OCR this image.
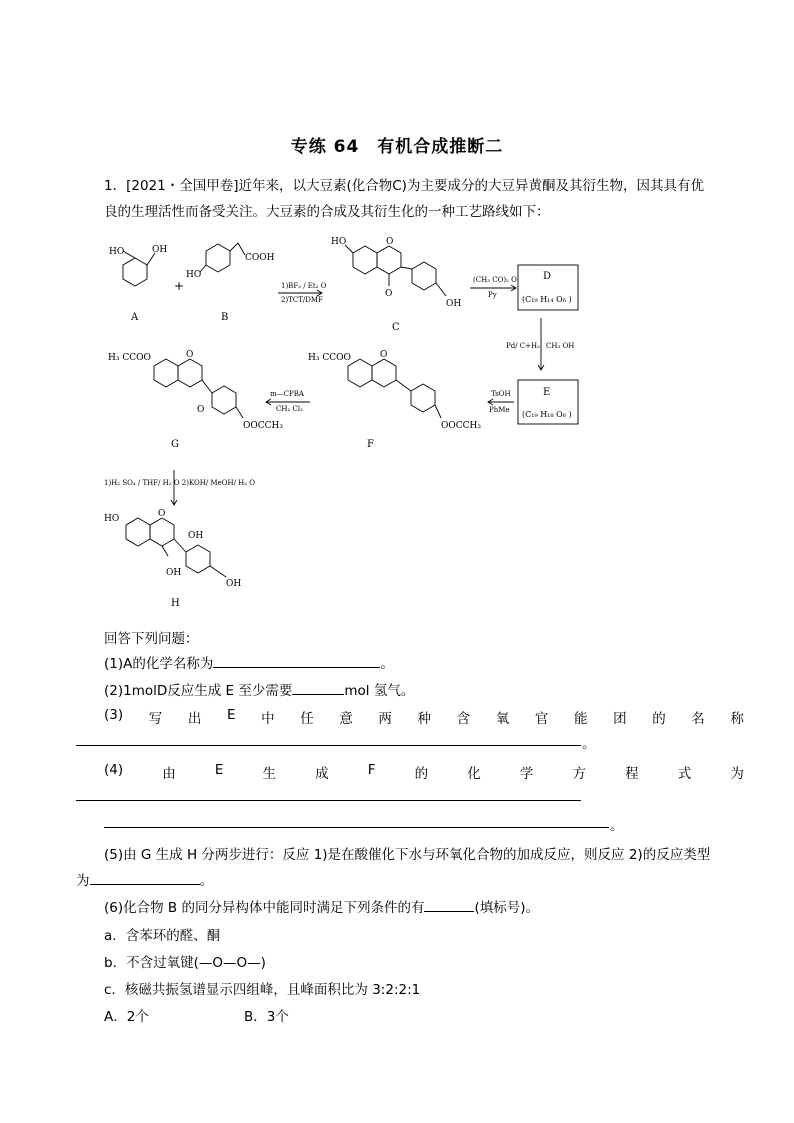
专练 64　有机合成推断二
1．[2021・全国甲卷]近年来，以大豆素(化合物C)为主要成分的大豆异黄酮及其衍生物，因其具有优
良的生理活性而备受关注。大豆素的合成及其衍生化的一种工艺路线如下：
HO	OH
A
+
COOH
HO
B
1)BF₃ / Et₂ O
2)TCT/DMF
HO	O
O
OH
C
(CH₃ CO)₂ O
Py
D
(C₁₉ H₁₄ O₆ )
Pd/ C+H₂ CH₃ OH
E
(C₁₉ H₁₈ O₆ )
TsOH
PhMe
H₃ CCOO	O
OOCCH₃
F
m—CPBA
CH₂ Cl₂
H₃ CCOO	O
O
OOCCH₃
G
1)H₂ SO₄ / THF/ H₂ O 2)KOH/ MeOH/ H₂ O
HO	O
OH
OH
OH
H
回答下列问题：
(1)A的化学名称为	。
(2)1molD反应生成 E 至少需要	mol 氢气。
(3) 写 出 E 中 任 意 两 种 含 氧 官 能 团 的 名 称
。
(4)	由	E	生	成	F	的	化	学	方	程	式	为
。
(5)由 G 生成 H 分两步进行：反应 1)是在酸催化下水与环氧化合物的加成反应，则反应 2)的反应类型
为	。
(6)化合物 B 的同分异构体中能同时满足下列条件的有	(填标号)。
a．含苯环的醛、酮
b．不含过氧键(—O—O—)
c．核磁共振氢谱显示四组峰，且峰面积比为 3:2:2:1
A．2个	B．3个
